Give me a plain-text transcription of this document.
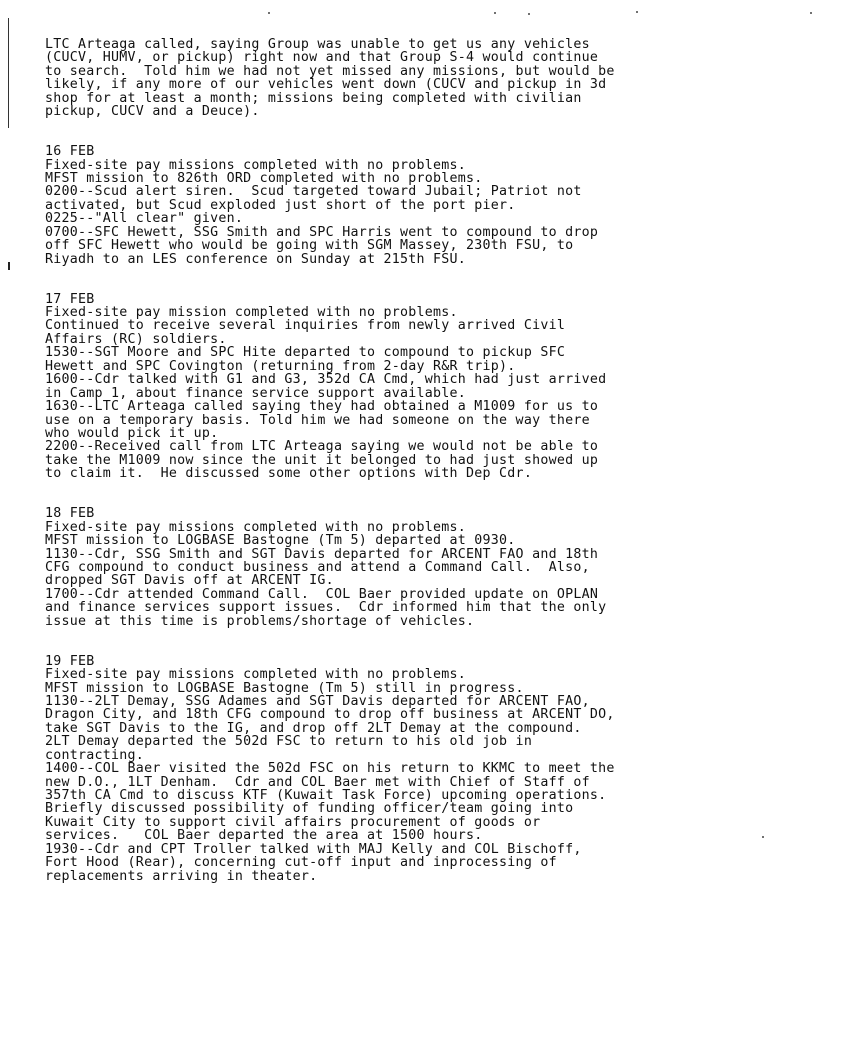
LTC Arteaga called, saying Group was unable to get us any vehicles
(CUCV, HUMV, or pickup) right now and that Group S-4 would continue
to search.  Told him we had not yet missed any missions, but would be
likely, if any more of our vehicles went down (CUCV and pickup in 3d
shop for at least a month; missions being completed with civilian
pickup, CUCV and a Deuce).
16 FEB
Fixed-site pay missions completed with no problems.
MFST mission to 826th ORD completed with no problems.
0200--Scud alert siren.  Scud targeted toward Jubail; Patriot not
activated, but Scud exploded just short of the port pier.
0225--"All clear" given.
0700--SFC Hewett, SSG Smith and SPC Harris went to compound to drop
off SFC Hewett who would be going with SGM Massey, 230th FSU, to
Riyadh to an LES conference on Sunday at 215th FSU.
17 FEB
Fixed-site pay mission completed with no problems.
Continued to receive several inquiries from newly arrived Civil
Affairs (RC) soldiers.
1530--SGT Moore and SPC Hite departed to compound to pickup SFC
Hewett and SPC Covington (returning from 2-day R&R trip).
1600--Cdr talked with G1 and G3, 352d CA Cmd, which had just arrived
in Camp 1, about finance service support available.
1630--LTC Arteaga called saying they had obtained a M1009 for us to
use on a temporary basis. Told him we had someone on the way there
who would pick it up.
2200--Received call from LTC Arteaga saying we would not be able to
take the M1009 now since the unit it belonged to had just showed up
to claim it.  He discussed some other options with Dep Cdr.
18 FEB
Fixed-site pay missions completed with no problems.
MFST mission to LOGBASE Bastogne (Tm 5) departed at 0930.
1130--Cdr, SSG Smith and SGT Davis departed for ARCENT FAO and 18th
CFG compound to conduct business and attend a Command Call.  Also,
dropped SGT Davis off at ARCENT IG.
1700--Cdr attended Command Call.  COL Baer provided update on OPLAN
and finance services support issues.  Cdr informed him that the only
issue at this time is problems/shortage of vehicles.
19 FEB
Fixed-site pay missions completed with no problems.
MFST mission to LOGBASE Bastogne (Tm 5) still in progress.
1130--2LT Demay, SSG Adames and SGT Davis departed for ARCENT FAO,
Dragon City, and 18th CFG compound to drop off business at ARCENT DO,
take SGT Davis to the IG, and drop off 2LT Demay at the compound.
2LT Demay departed the 502d FSC to return to his old job in
contracting.
1400--COL Baer visited the 502d FSC on his return to KKMC to meet the
new D.O., 1LT Denham.  Cdr and COL Baer met with Chief of Staff of
357th CA Cmd to discuss KTF (Kuwait Task Force) upcoming operations.
Briefly discussed possibility of funding officer/team going into
Kuwait City to support civil affairs procurement of goods or
services.   COL Baer departed the area at 1500 hours.
1930--Cdr and CPT Troller talked with MAJ Kelly and COL Bischoff,
Fort Hood (Rear), concerning cut-off input and inprocessing of
replacements arriving in theater.
